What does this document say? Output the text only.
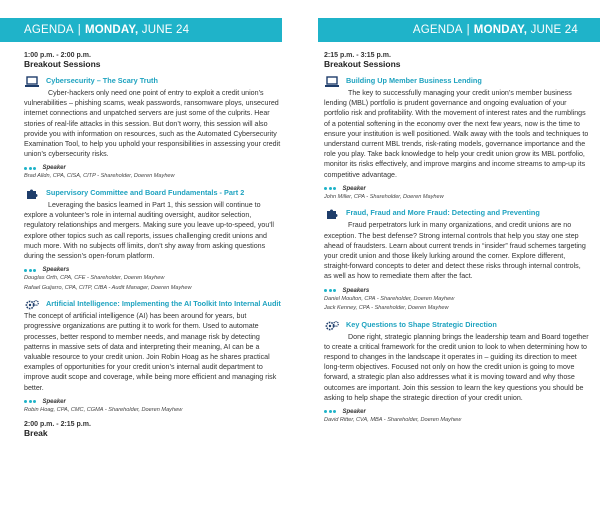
AGENDA | MONDAY, JUNE 24
1:00 p.m. - 2:00 p.m.
Breakout Sessions
Cybersecurity – The Scary Truth
Cyber-hackers only need one point of entry to exploit a credit union’s vulnerabilities – phishing scams, weak passwords, ransomware ploys, unsecured internet connections and unpatched servers are just some of the culprits. Hear stories of real-life attacks in this session. But don’t worry, this session will also provide you with information on resources, such as the Automated Cybersecurity Examination Tool, to help you uphold your responsibilities in assessing your credit union’s cybersecurity risks.
Speaker
Brad Alldn, CPA, CISA, CITP - Shareholder, Doeren Mayhew
Supervisory Committee and Board Fundamentals - Part 2
Leveraging the basics learned in Part 1, this session will continue to explore a volunteer’s role in internal auditing oversight, auditor selection, regulatory relationships and mergers. Making sure you leave up-to-speed, you’ll explore other topics such as call reports, issues challenging credit unions and much more. With no subjects off limits, don’t shy away from asking questions during the session’s open-forum platform.
Speakers
Douglas Orth, CPA, CFE - Shareholder, Doeren Mayhew
Rafael Guijarro, CPA, CITP, CIBA - Audit Manager, Doeren Mayhew
Artificial Intelligence: Implementing the AI Toolkit Into Internal Audit
The concept of artificial intelligence (AI) has been around for years, but progressive organizations are putting it to work for them. Used to automate processes, better respond to member needs, and manage risk by detecting patterns in massive sets of data and interpreting their meaning, AI can be a valuable resource to your credit union. Join Robin Hoag as he shares practical examples of opportunities for your credit union’s internal audit department to improve audit scope and coverage, while being more efficient and managing risk better.
Speaker
Robin Hoag, CPA, CMC, CGMA - Shareholder, Doeren Mayhew
2:00 p.m. - 2:15 p.m.
Break
AGENDA | MONDAY, JUNE 24
2:15 p.m. - 3:15 p.m.
Breakout Sessions
Building Up Member Business Lending
The key to successfully managing your credit union’s member business lending (MBL) portfolio is prudent governance and ongoing evaluation of your portfolio risk and profitability. With the movement of interest rates and the rumblings of a potential softening in the economy over the next few years, now is the time to ensure your institution is well positioned. Walk away with the tools and techniques to understand current MBL trends, risk-rating models, governance importance and the role you play. Take back knowledge to help your credit union grow its MBL portfolio, monitor its risks effectively, and improve margins and income streams to amp-up its competitive advantage.
Speaker
John Miller, CPA - Shareholder, Doeren Mayhew
Fraud, Fraud and More Fraud: Detecting and Preventing
Fraud perpetrators lurk in many organizations, and credit unions are no exception. The best defense? Strong internal controls that help you stay one step ahead of fraudsters. Learn about current trends in “insider” fraud schemes targeting your credit union and those likely lurking around the corner. Explore different, straight-forward concepts to deter and detect these risks through internal controls, as well as how to remediate them after the fact.
Speakers
Daniel Moulton, CPA - Shareholder, Doeren Mayhew
Jack Kenney, CPA - Shareholder, Doeren Mayhew
Key Questions to Shape Strategic Direction
Done right, strategic planning brings the leadership team and Board together to create a critical framework for the credit union to look to when determining how to respond to changes in the landscape it operates in – guiding its direction to meet long-term objectives. Focused not only on how the credit union is going to move forward, a strategic plan also addresses what it is moving toward and why those outcomes are important. Join this session to learn the key questions you should be asking to help shape the strategic direction of your credit union.
Speaker
David Ritter, CVA, MBA - Shareholder, Doeren Mayhew
